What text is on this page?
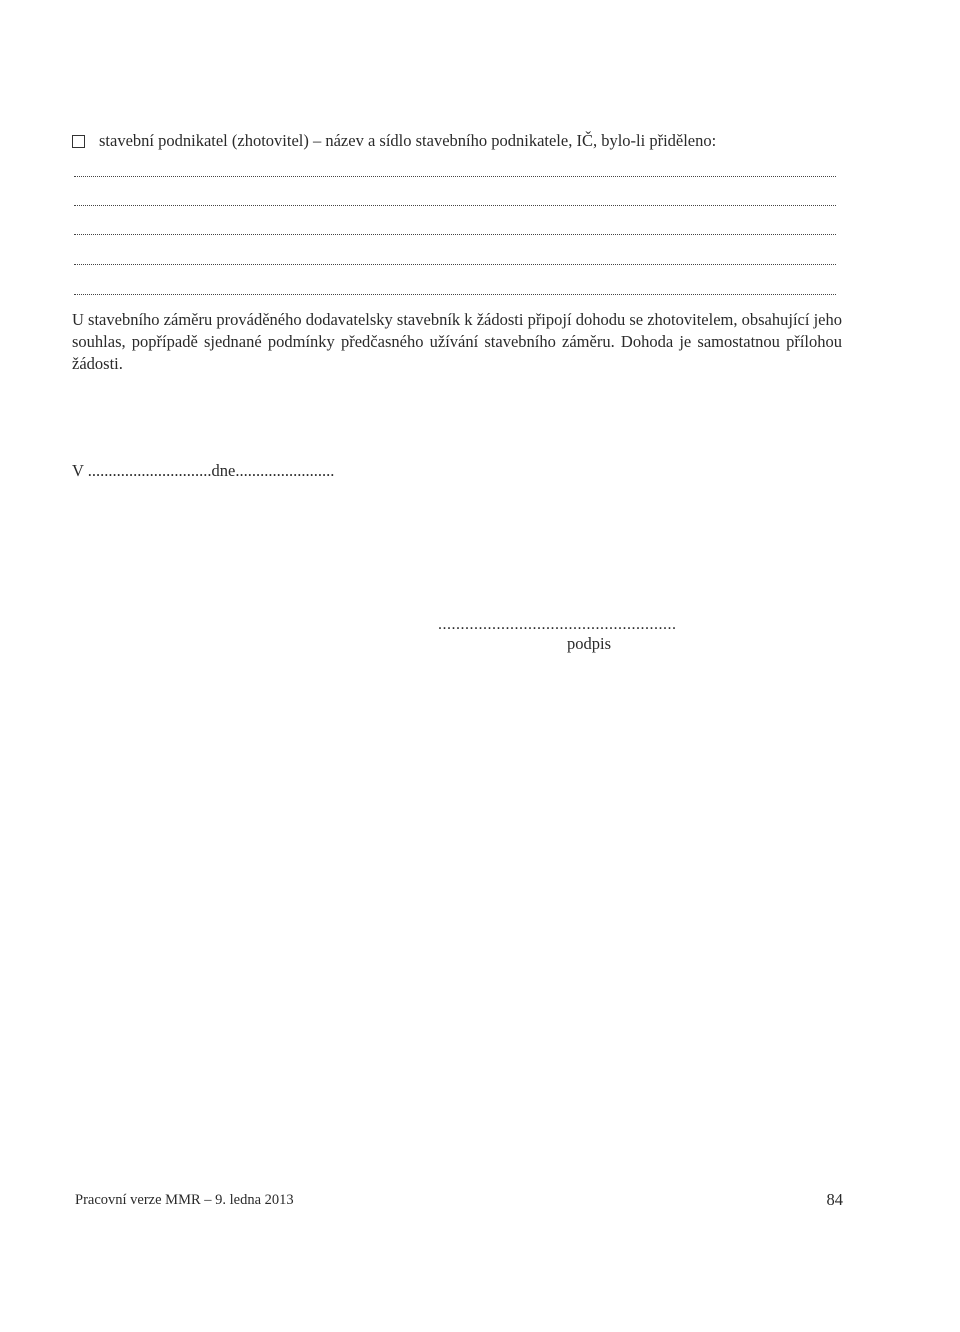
stavební podnikatel (zhotovitel) – název a sídlo stavebního podnikatele, IČ, bylo-li přiděleno:
U stavebního záměru prováděného dodavatelsky stavebník k žádosti připojí dohodu se zhotovitelem, obsahující jeho souhlas, popřípadě sjednané podmínky předčasného užívání stavebního záměru. Dohoda je samostatnou přílohou žádosti.
V ..............................dne........................
.....................................................
podpis
Pracovní verze MMR – 9. ledna 2013	84
